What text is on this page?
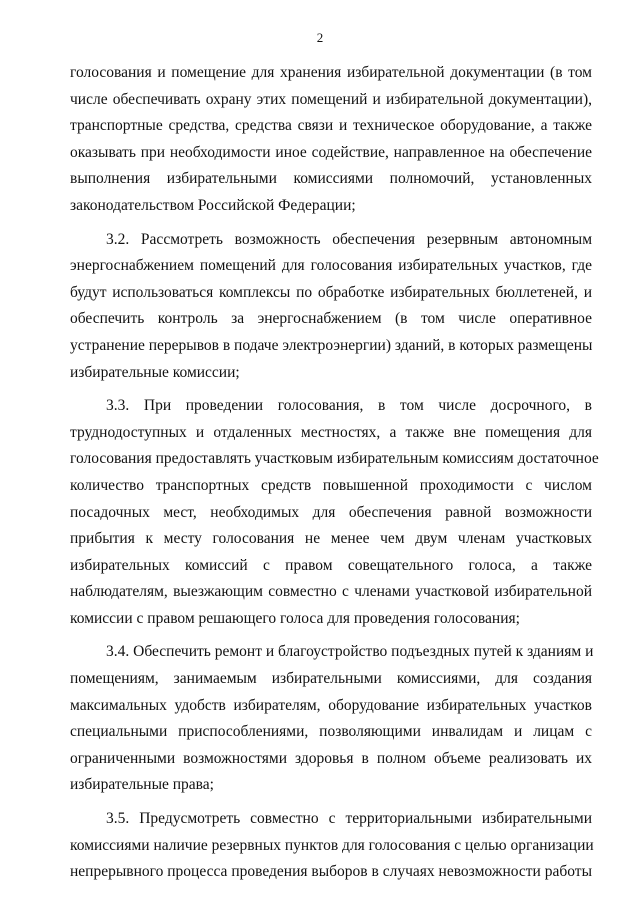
2
голосования и помещение для хранения избирательной документации (в том
числе обеспечивать охрану этих помещений и избирательной документации),
транспортные средства, средства связи и техническое оборудование, а также
оказывать при необходимости иное содействие, направленное на обеспечение
выполнения избирательными комиссиями полномочий, установленных
законодательством Российской Федерации;
3.2. Рассмотреть возможность обеспечения резервным автономным
энергоснабжением помещений для голосования избирательных участков, где
будут использоваться комплексы по обработке избирательных бюллетеней, и
обеспечить контроль за энергоснабжением (в том числе оперативное
устранение перерывов в подаче электроэнергии) зданий, в которых размещены
избирательные комиссии;
3.3. При проведении голосования, в том числе досрочного, в
труднодоступных и отдаленных местностях, а также вне помещения для
голосования предоставлять участковым избирательным комиссиям достаточное
количество транспортных средств повышенной проходимости с числом
посадочных мест, необходимых для обеспечения равной возможности
прибытия к месту голосования не менее чем двум членам участковых
избирательных комиссий с правом совещательного голоса, а также
наблюдателям, выезжающим совместно с членами участковой избирательной
комиссии с правом решающего голоса для проведения голосования;
3.4. Обеспечить ремонт и благоустройство подъездных путей к зданиям и
помещениям, занимаемым избирательными комиссиями, для создания
максимальных удобств избирателям, оборудование избирательных участков
специальными приспособлениями, позволяющими инвалидам и лицам с
ограниченными возможностями здоровья в полном объеме реализовать их
избирательные права;
3.5. Предусмотреть совместно с территориальными избирательными
комиссиями наличие резервных пунктов для голосования с целью организации
непрерывного процесса проведения выборов в случаях невозможности работы
